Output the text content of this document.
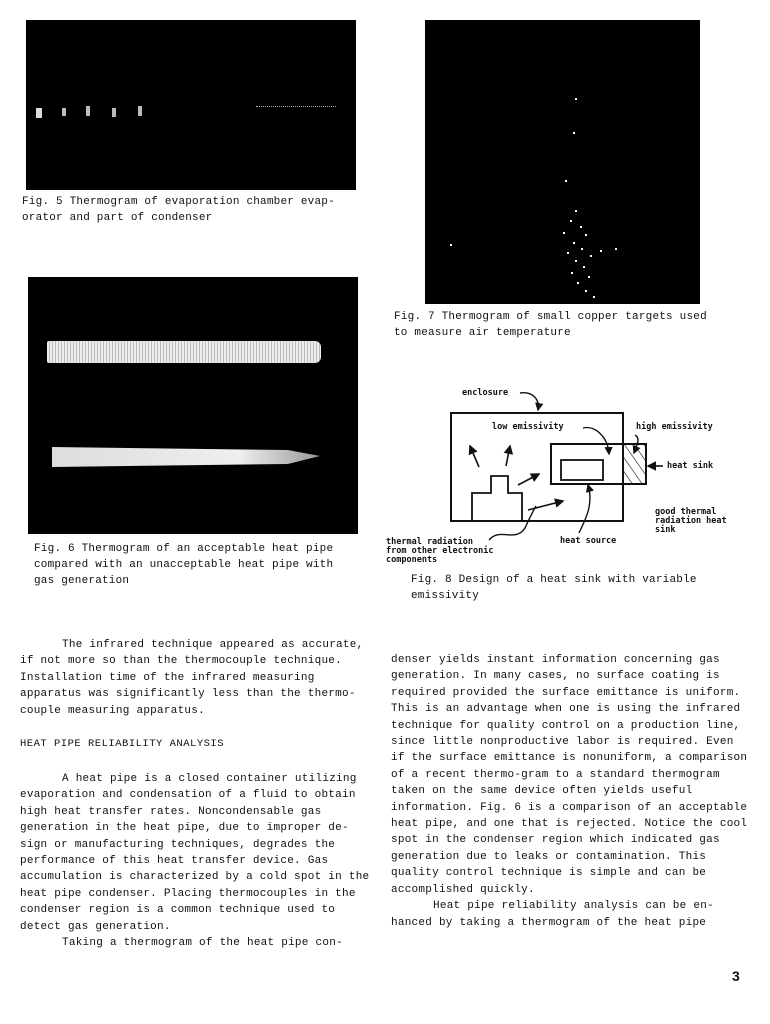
Fig. 5 Thermogram of evaporation chamber evap-
orator and part of condenser
Fig. 7 Thermogram of small copper targets used
to measure air temperature
Fig. 6 Thermogram of an acceptable heat pipe
compared with an unacceptable heat pipe with
gas generation
enclosure
low emissivity	high emissivity
heat sink
good thermal
radiation heat
sink
heat source
thermal radiation
from other electronic
components
Fig. 8 Design of a heat sink with variable
emissivity

The infrared technique appeared as accurate, if not more so than the thermocouple technique. Installation time of the infrared measuring apparatus was significantly less than the thermo-couple measuring apparatus.

HEAT PIPE RELIABILITY ANALYSIS

A heat pipe is a closed container utilizing evaporation and condensation of a fluid to obtain high heat transfer rates. Noncondensable gas generation in the heat pipe, due to improper de-sign or manufacturing techniques, degrades the performance of this heat transfer device. Gas accumulation is characterized by a cold spot in the heat pipe condenser. Placing thermocouples in the condenser region is a common technique used to detect gas generation.

Taking a thermogram of the heat pipe con-

denser yields instant information concerning gas generation. In many cases, no surface coating is required provided the surface emittance is uniform. This is an advantage when one is using the infrared technique for quality control on a production line, since little nonproductive labor is required. Even if the surface emittance is nonuniform, a comparison of a recent thermo-gram to a standard thermogram taken on the same device often yields useful information. Fig. 6 is a comparison of an acceptable heat pipe, and one that is rejected. Notice the cool spot in the condenser region which indicated gas generation due to leaks or contamination. This quality control technique is simple and can be accomplished quickly.

Heat pipe reliability analysis can be en-hanced by taking a thermogram of the heat pipe

3
